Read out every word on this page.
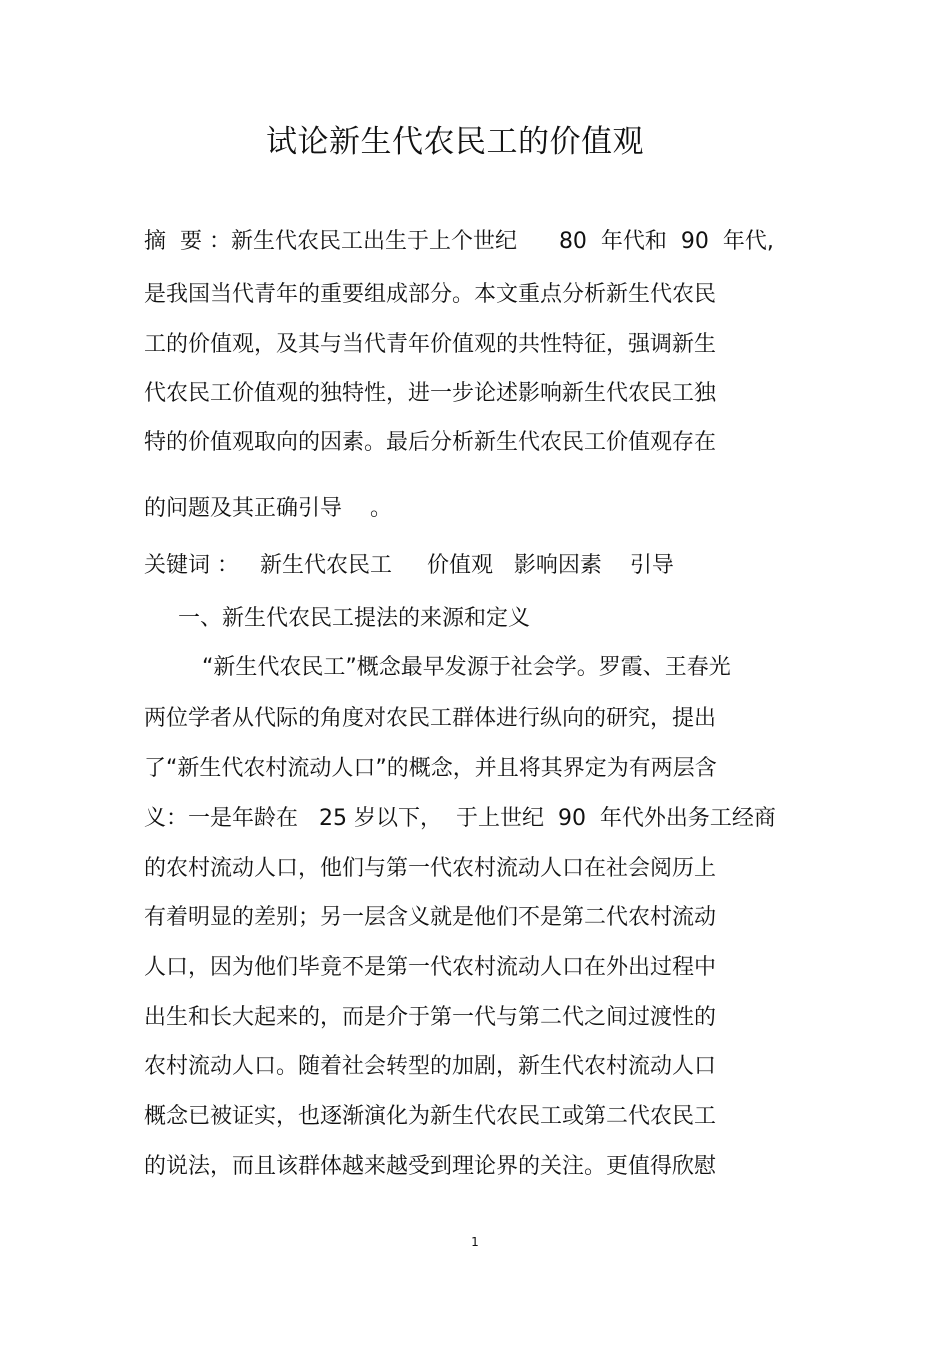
试论新生代农民工的价值观
摘  要 ：新生代农民工出生于上个世纪      80  年代和  90  年代,
是我国当代青年的重要组成部分。本文重点分析新生代农民
工的价值观，及其与当代青年价值观的共性特征，强调新生
代农民工价值观的独特性，进一步论述影响新生代农民工独
特的价值观取向的因素。最后分析新生代农民工价值观存在
的问题及其正确引导    。
关键词 ：   新生代农民工     价值观   影响因素    引导
一、新生代农民工提法的来源和定义
“新生代农民工”概念最早发源于社会学。罗霞、王春光
两位学者从代际的角度对农民工群体进行纵向的研究，提出
了“新生代农村流动人口”的概念，并且将其界定为有两层含
义：一是年龄在   25 岁以下，  于上世纪  90  年代外出务工经商
的农村流动人口，他们与第一代农村流动人口在社会阅历上
有着明显的差别；另一层含义就是他们不是第二代农村流动
人口，因为他们毕竟不是第一代农村流动人口在外出过程中
出生和长大起来的，而是介于第一代与第二代之间过渡性的
农村流动人口。随着社会转型的加剧，新生代农村流动人口
概念已被证实，也逐渐演化为新生代农民工或第二代农民工
的说法，而且该群体越来越受到理论界的关注。更值得欣慰
1
